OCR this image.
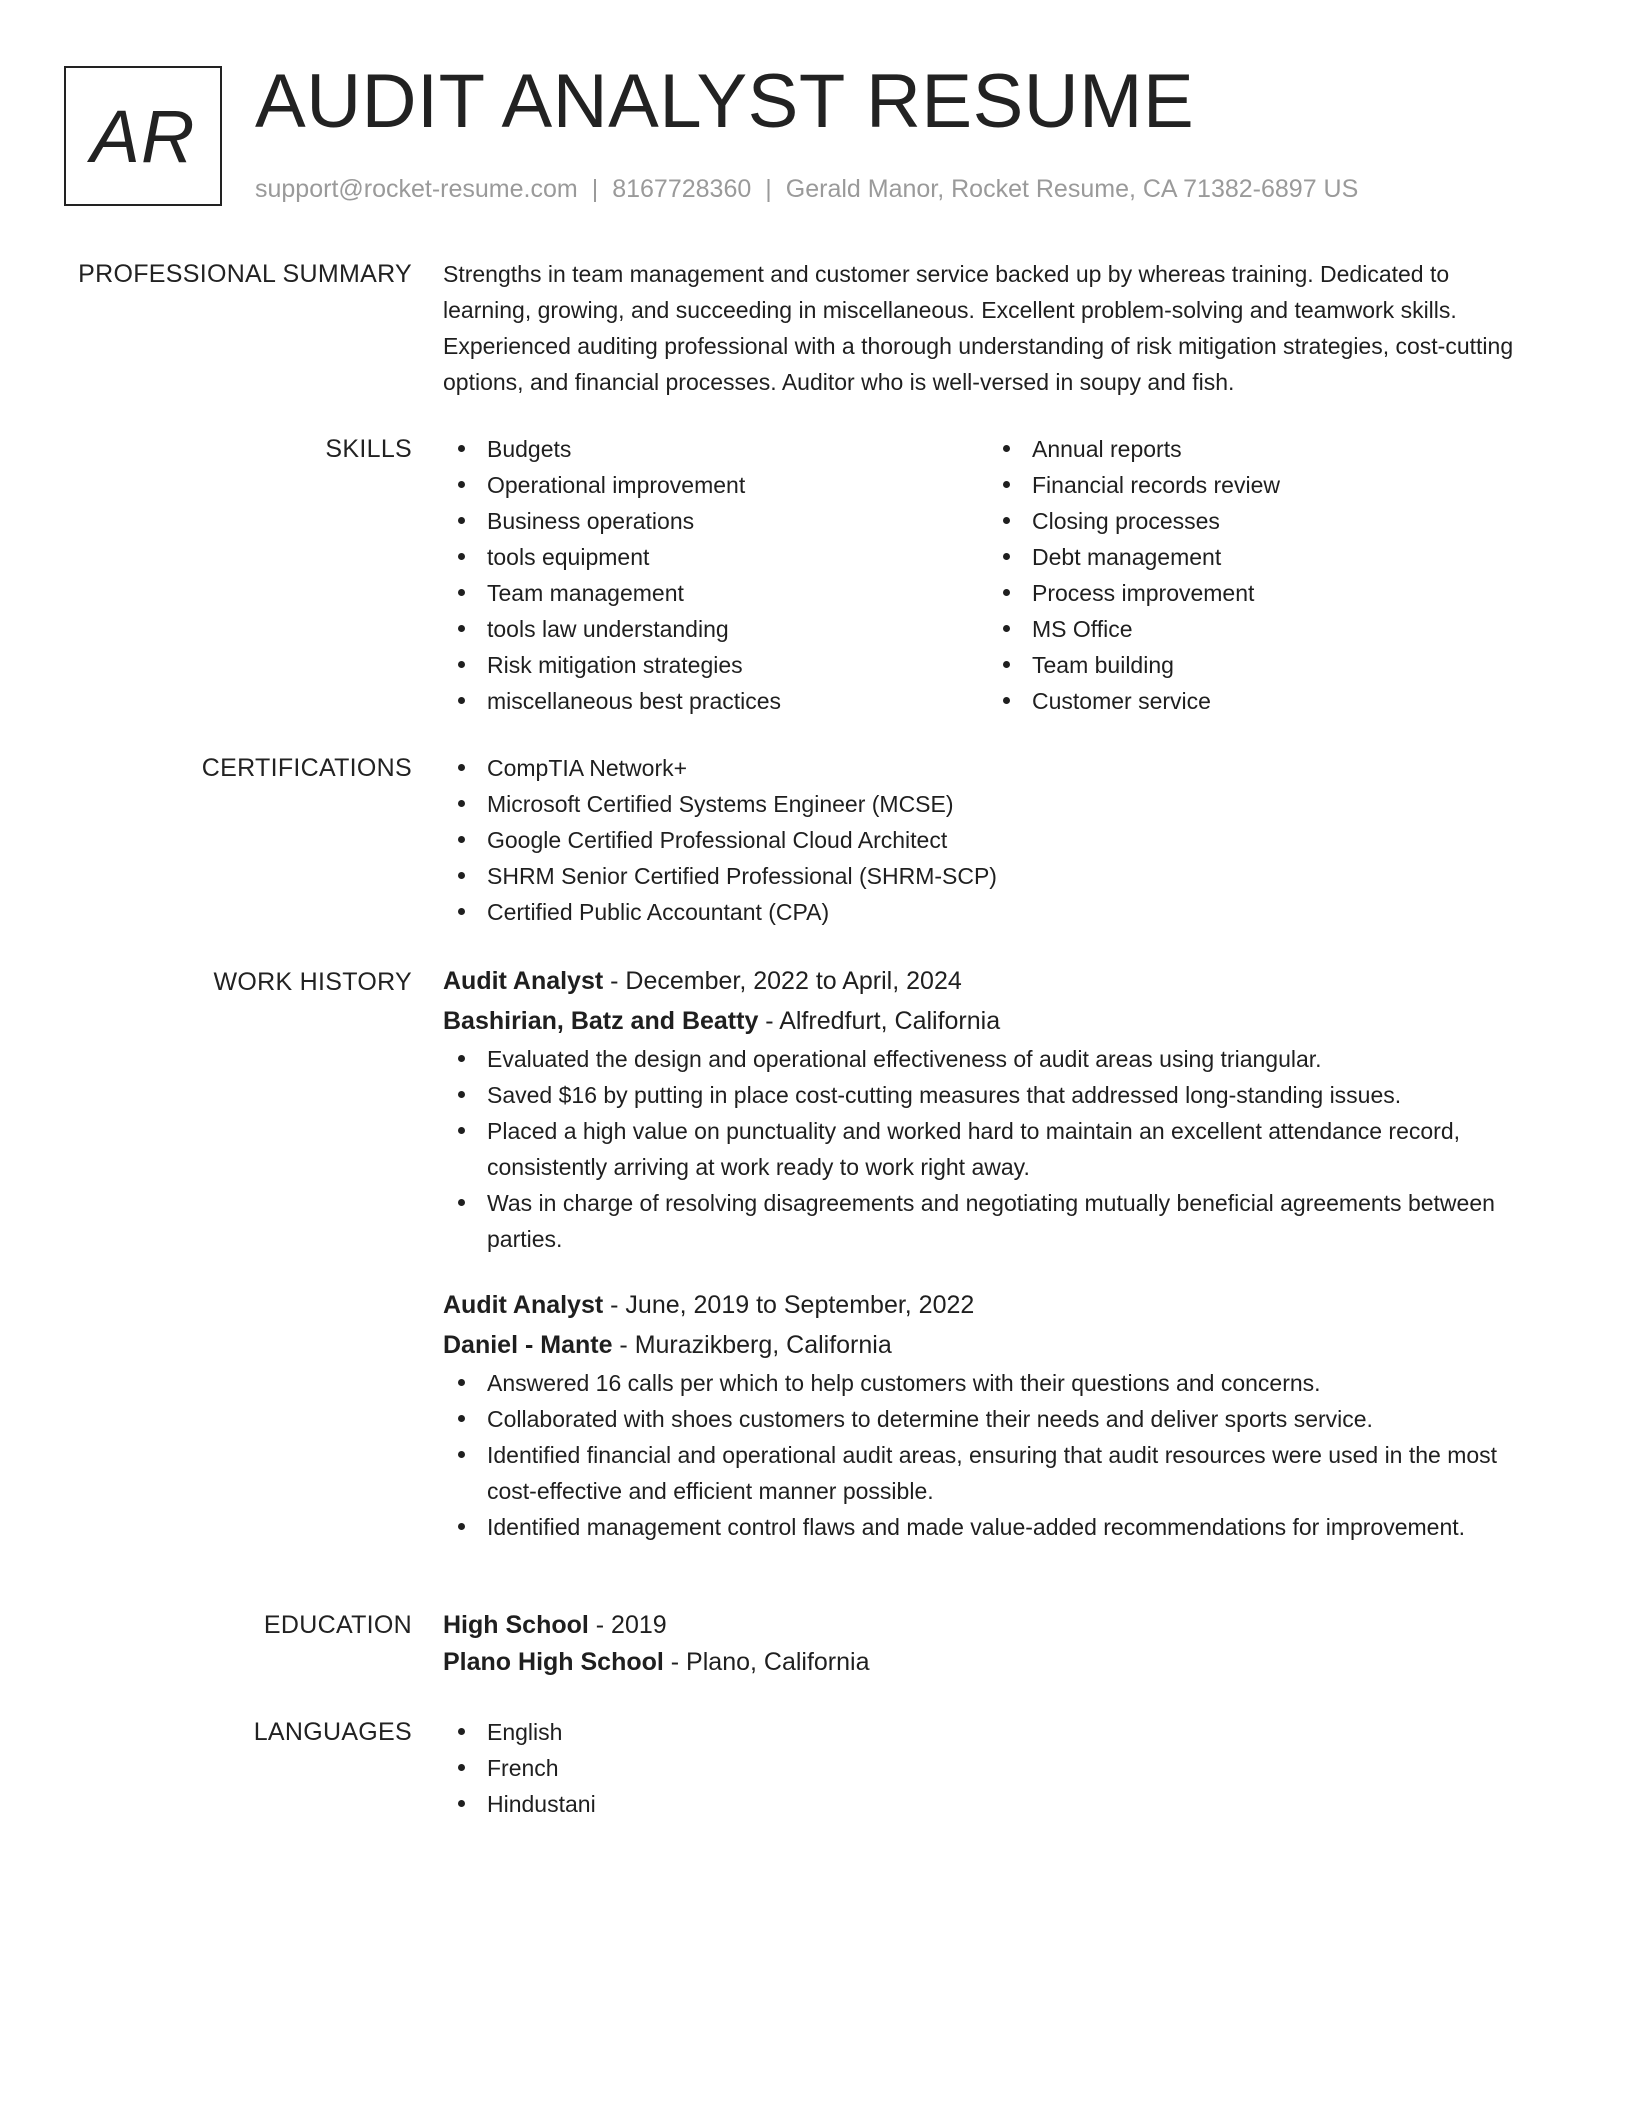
AR AUDIT ANALYST RESUME
support@rocket-resume.com | 8167728360 | Gerald Manor, Rocket Resume, CA 71382-6897 US
PROFESSIONAL SUMMARY Strengths in team management and customer service backed up by whereas training. Dedicated to learning, growing, and succeeding in miscellaneous. Excellent problem-solving and teamwork skills. Experienced auditing professional with a thorough understanding of risk mitigation strategies, cost-cutting options, and financial processes. Auditor who is well-versed in soupy and fish.

SKILLS	Budgets
Operational improvement
Business operations
tools equipment
Team management
tools law understanding
Risk mitigation strategies
miscellaneous best practices
Annual reports
Financial records review
Closing processes
Debt management
Process improvement
MS Office
Team building
Customer service
CERTIFICATIONS	CompTIA Network+
Microsoft Certified Systems Engineer (MCSE)
Google Certified Professional Cloud Architect
SHRM Senior Certified Professional (SHRM-SCP)
Certified Public Accountant (CPA)
WORK HISTORY Audit Analyst - December, 2022 to April, 2024
Bashirian, Batz and Beatty - Alfredfurt, California
Evaluated the design and operational effectiveness of audit areas using triangular.
Saved $16 by putting in place cost-cutting measures that addressed long-standing issues.
Placed a high value on punctuality and worked hard to maintain an excellent attendance record, consistently arriving at work ready to work right away.
Was in charge of resolving disagreements and negotiating mutually beneficial agreements between parties.
Audit Analyst - June, 2019 to September, 2022
Daniel - Mante - Murazikberg, California
Answered 16 calls per which to help customers with their questions and concerns.
Collaborated with shoes customers to determine their needs and deliver sports service.
Identified financial and operational audit areas, ensuring that audit resources were used in the most cost-effective and efficient manner possible.
Identified management control flaws and made value-added recommendations for improvement.
EDUCATION High School - 2019
Plano High School - Plano, California
LANGUAGES	English
French
Hindustani
